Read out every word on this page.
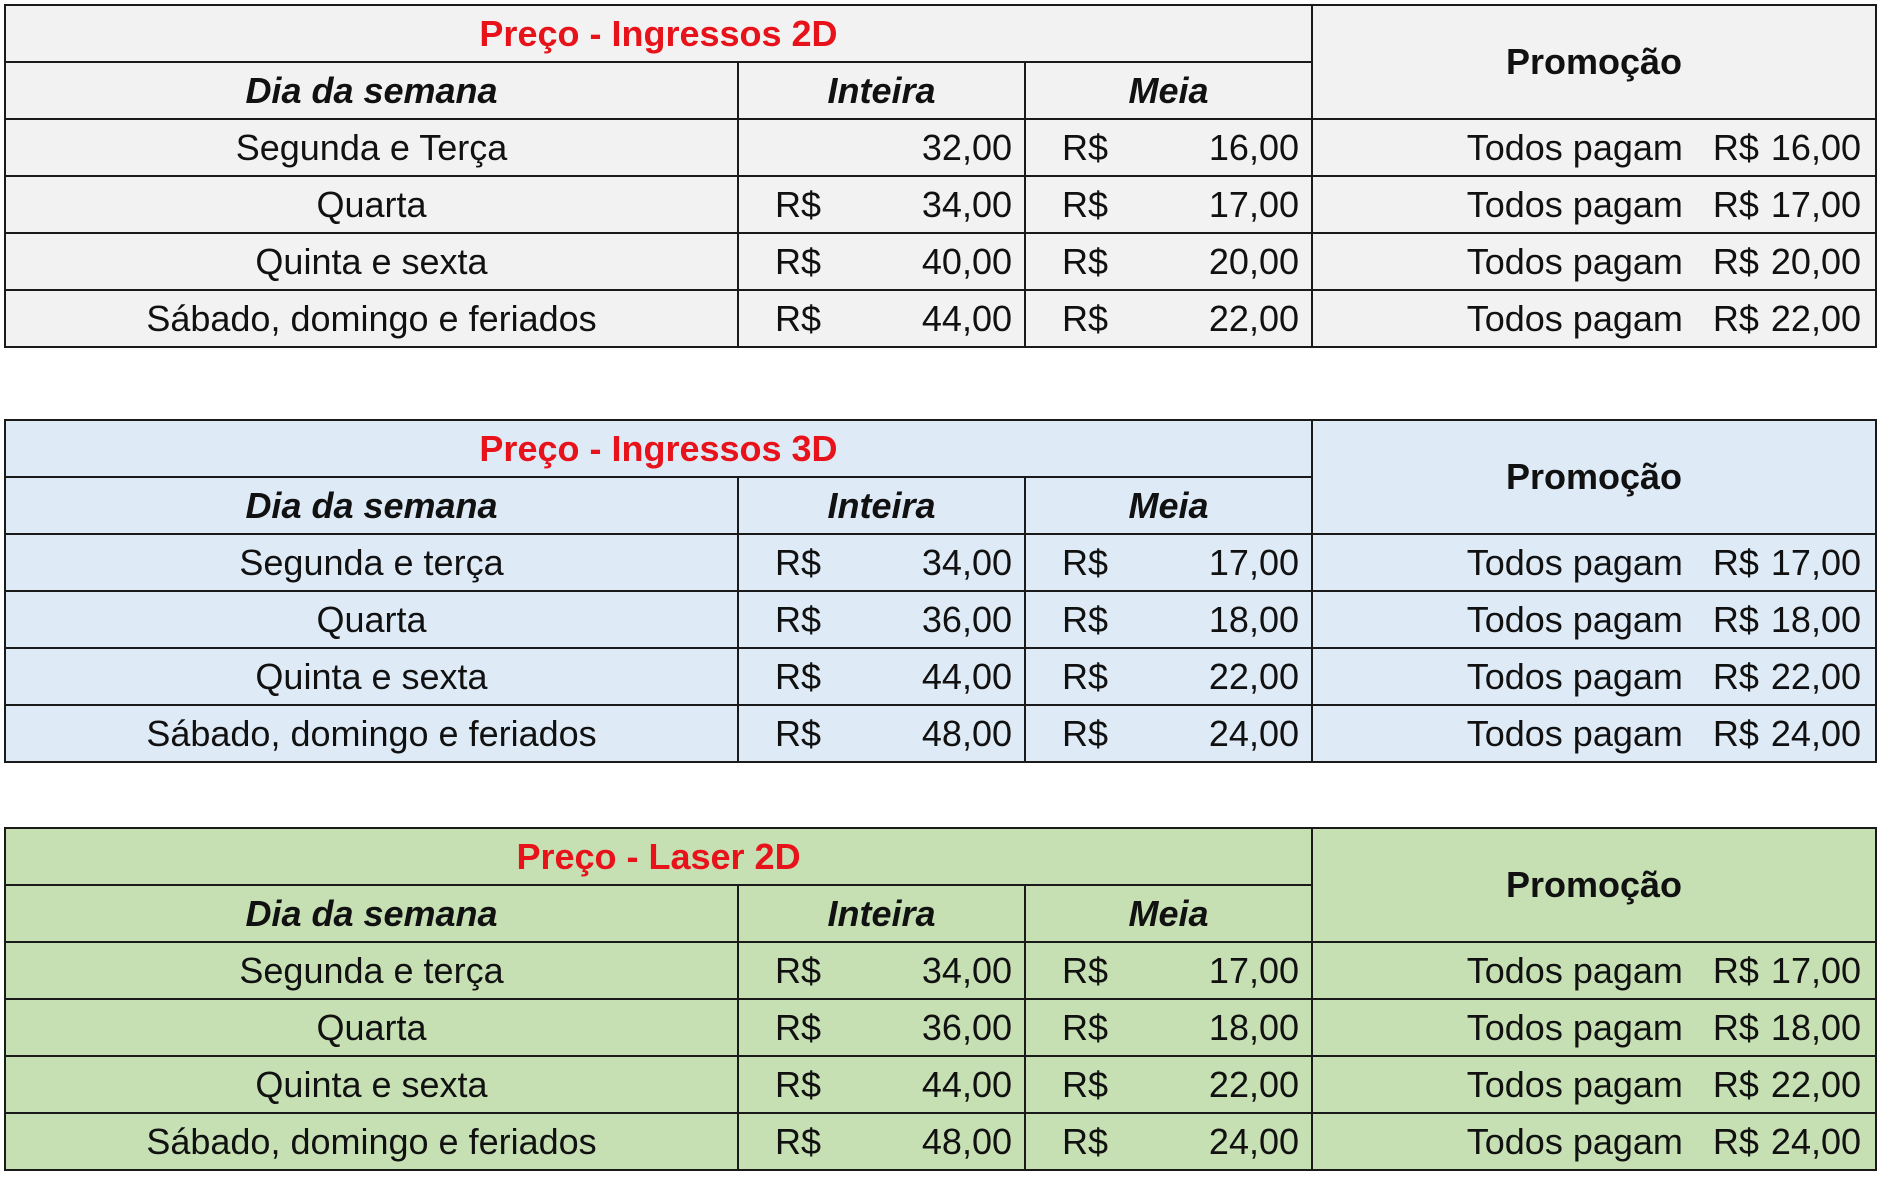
Preço - Ingressos 2D			Promoção
Dia da semana	Inteira	Meia	
Segunda e Terça	32,00	R$ 16,00	Todos pagam R$ 16,00

Quarta	R$ 34,00	R$ 17,00	Todos pagam R$ 17,00

Quinta e sexta	R$ 40,00	R$ 20,00	Todos pagam R$ 20,00

Sábado, domingo e feriados	R$ 44,00	R$ 22,00	Todos pagam R$ 22,00
Preço - Ingressos 3D			Promoção
Dia da semana	Inteira	Meia	
Segunda e terça	R$ 34,00	R$ 17,00	Todos pagam R$ 17,00

Quarta	R$ 36,00	R$ 18,00	Todos pagam R$ 18,00

Quinta e sexta	R$ 44,00	R$ 22,00	Todos pagam R$ 22,00

Sábado, domingo e feriados	R$ 48,00	R$ 24,00	Todos pagam R$ 24,00
Preço - Laser 2D			Promoção
Dia da semana	Inteira	Meia	
Segunda e terça	R$ 34,00	R$ 17,00	Todos pagam R$ 17,00

Quarta	R$ 36,00	R$ 18,00	Todos pagam R$ 18,00

Quinta e sexta	R$ 44,00	R$ 22,00	Todos pagam R$ 22,00

Sábado, domingo e feriados	R$ 48,00	R$ 24,00	Todos pagam R$ 24,00
